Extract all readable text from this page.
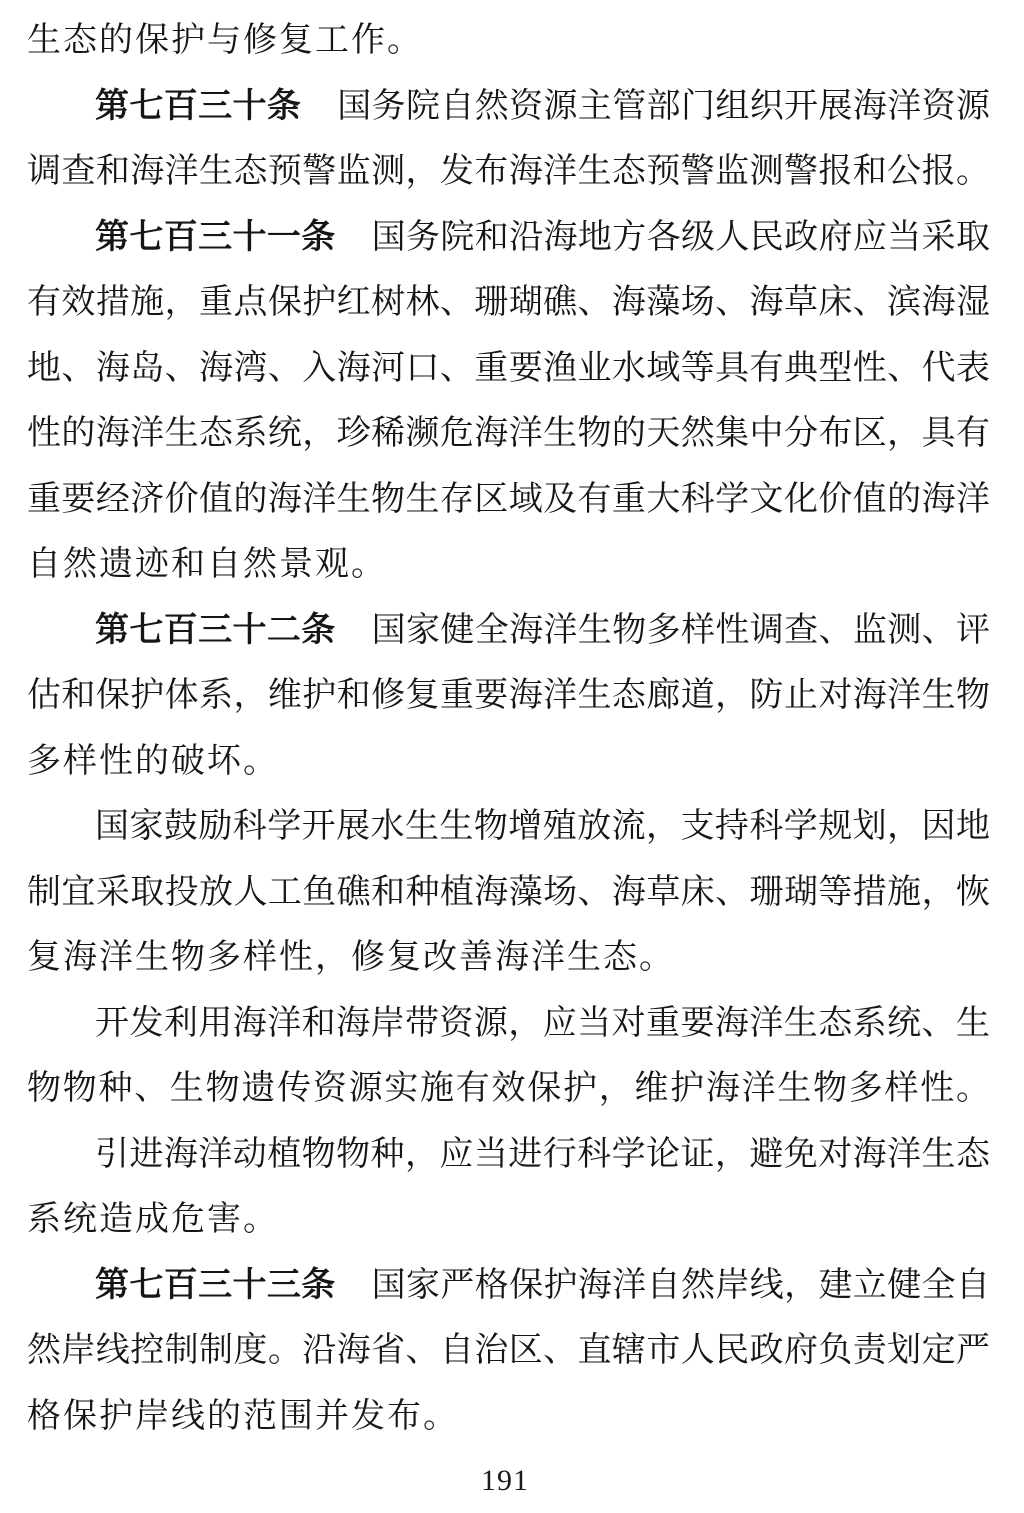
生态的保护与修复工作。
第七百三十条 国务院自然资源主管部门组织开展海洋资源
调查和海洋生态预警监测，发布海洋生态预警监测警报和公报。
第七百三十一条 国务院和沿海地方各级人民政府应当采取
有效措施，重点保护红树林、珊瑚礁、海藻场、海草床、滨海湿
地、海岛、海湾、入海河口、重要渔业水域等具有典型性、代表
性的海洋生态系统，珍稀濒危海洋生物的天然集中分布区，具有
重要经济价值的海洋生物生存区域及有重大科学文化价值的海洋
自然遗迹和自然景观。
第七百三十二条 国家健全海洋生物多样性调查、监测、评
估和保护体系，维护和修复重要海洋生态廊道，防止对海洋生物
多样性的破坏。
国家鼓励科学开展水生生物增殖放流，支持科学规划，因地
制宜采取投放人工鱼礁和种植海藻场、海草床、珊瑚等措施，恢
复海洋生物多样性，修复改善海洋生态。
开发利用海洋和海岸带资源，应当对重要海洋生态系统、生
物物种、生物遗传资源实施有效保护，维护海洋生物多样性。
引进海洋动植物物种，应当进行科学论证，避免对海洋生态
系统造成危害。
第七百三十三条 国家严格保护海洋自然岸线，建立健全自
然岸线控制制度。沿海省、自治区、直辖市人民政府负责划定严
格保护岸线的范围并发布。
191
